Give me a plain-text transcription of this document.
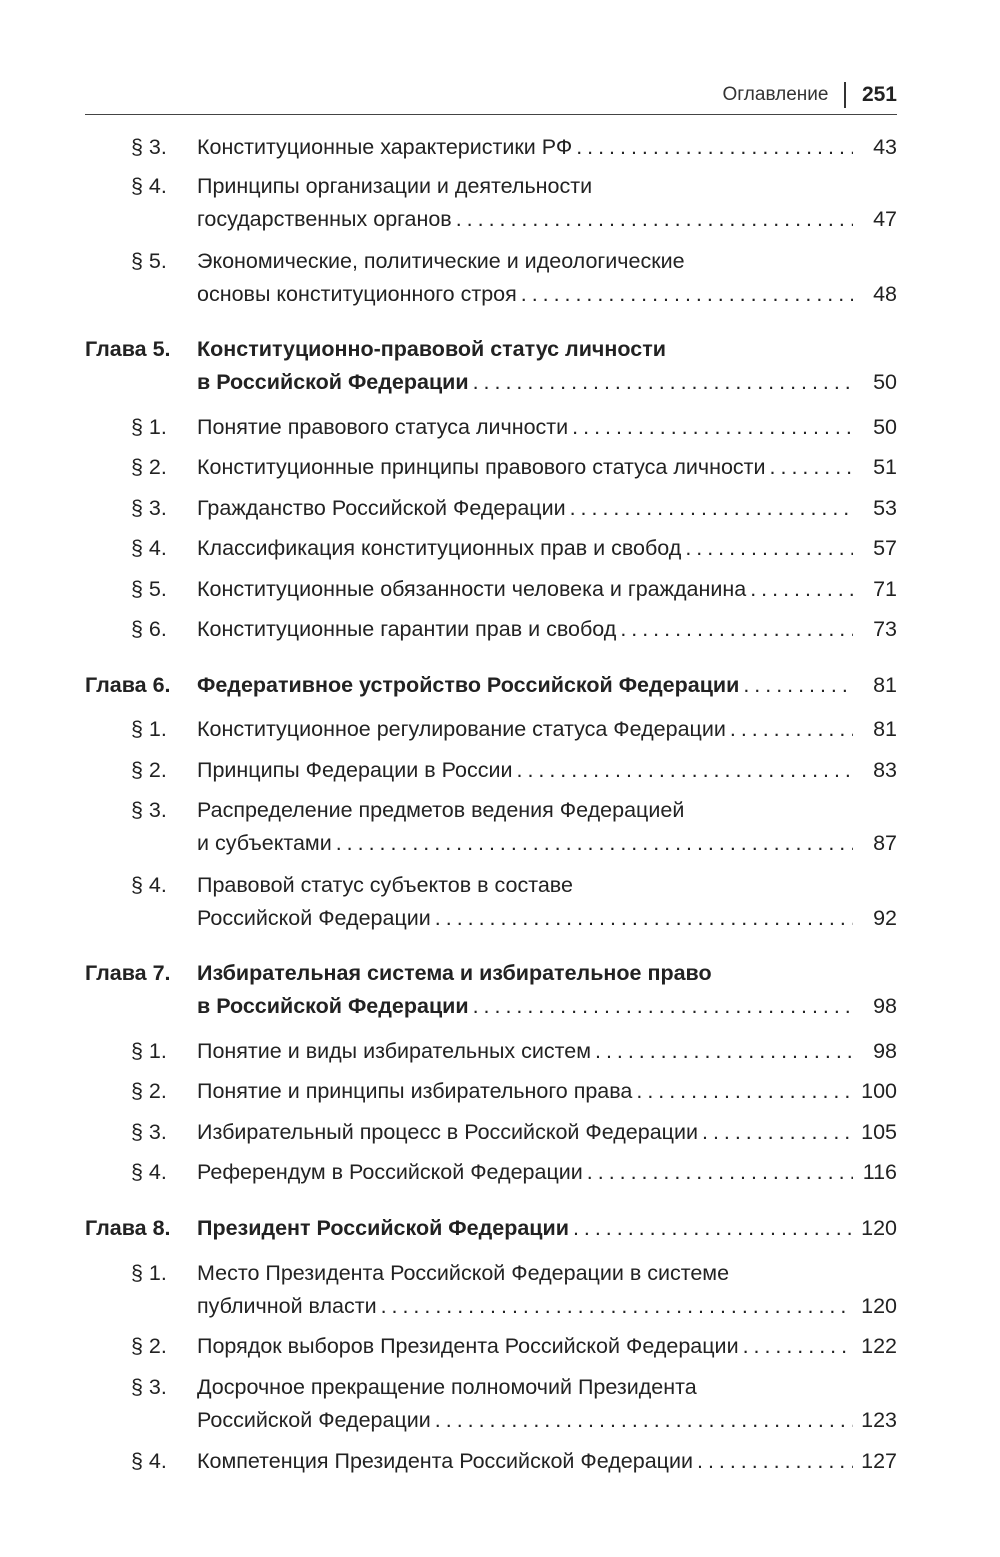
Оглавление 251
§ 3.	Конституционные характеристики РФ . . .	43
§ 4.	Принципы организации и деятельности
государственных органов . . .	47
§ 5.	Экономические, политические и идеологические
основы конституционного строя . . .	48
Глава 5.	Конституционно-правовой статус личности
в Российской Федерации . . .	50
§ 1.	Понятие правового статуса личности . . .	50
§ 2.	Конституционные принципы правового статуса личности . . .	51
§ 3.	Гражданство Российской Федерации . . .	53
§ 4.	Классификация конституционных прав и свобод . . .	57
§ 5.	Конституционные обязанности человека и гражданина . . .	71
§ 6.	Конституционные гарантии прав и свобод . . .	73
Глава 6.	Федеративное устройство Российской Федерации . . .	81
§ 1.	Конституционное регулирование статуса Федерации . . .	81
§ 2.	Принципы Федерации в России . . .	83
§ 3.	Распределение предметов ведения Федерацией
и субъектами . . .	87
§ 4.	Правовой статус субъектов в составе
Российской Федерации . . .	92
Глава 7.	Избирательная система и избирательное право
в Российской Федерации . . .	98
§ 1.	Понятие и виды избирательных систем . . .	98
§ 2.	Понятие и принципы избирательного права . . .	100
§ 3.	Избирательный процесс в Российской Федерации . . .	105
§ 4.	Референдум в Российской Федерации . . .	116
Глава 8.	Президент Российской Федерации . . .	120
§ 1.	Место Президента Российской Федерации в системе
публичной власти . . .	120
§ 2.	Порядок выборов Президента Российской Федерации . . .	122
§ 3.	Досрочное прекращение полномочий Президента
Российской Федерации . . .	123
§ 4.	Компетенция Президента Российской Федерации . . .	127
